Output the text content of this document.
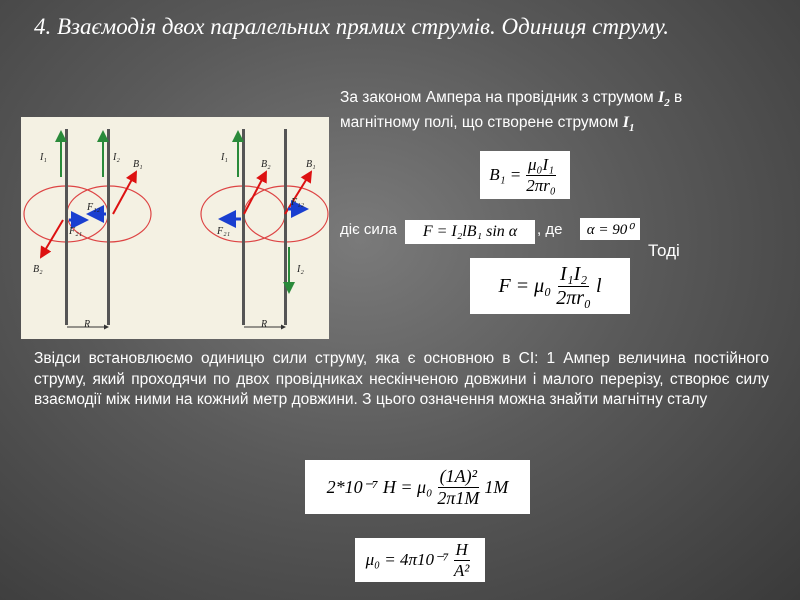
4. Взаємодія двох паралельних прямих струмів. Одиниця струму.
За законом Ампера на провідник з струмом $I_2$ в магнітному полі, що створене струмом $I_1$
I₁	I₂
B₁
F₁₂
F₂₁
B₂
R
I₁
B₂	B₁
F₁₂
F₂₁
I₂
R
$B_1 = \frac{\text{μ₀I₁}}{\text{2πr₀}}$
діє сила	F = I₂lB₁ sin α	, де	α = 90⁰
Тоді
$F = \mu_0 \frac{\text{I₁I₂}}{\text{2πr₀}}$ l
Звідси встановлюємо одиницю сили струму, яка є основною в СІ: 1 Ампер величина постійного струму, який проходячи по двох провідниках нескінченою довжини і малого перерізу, створює силу взаємодії між ними на кожний метр довжини. З цього означення можна знайти магнітну сталу
2*10⁻⁷ $H = \mu_0 \frac{\text{(1A)²}}{2\pi 1M} 1M$
$\mu_0 = 4\pi 10^{-7} \frac{H}{\text{A²}}$
